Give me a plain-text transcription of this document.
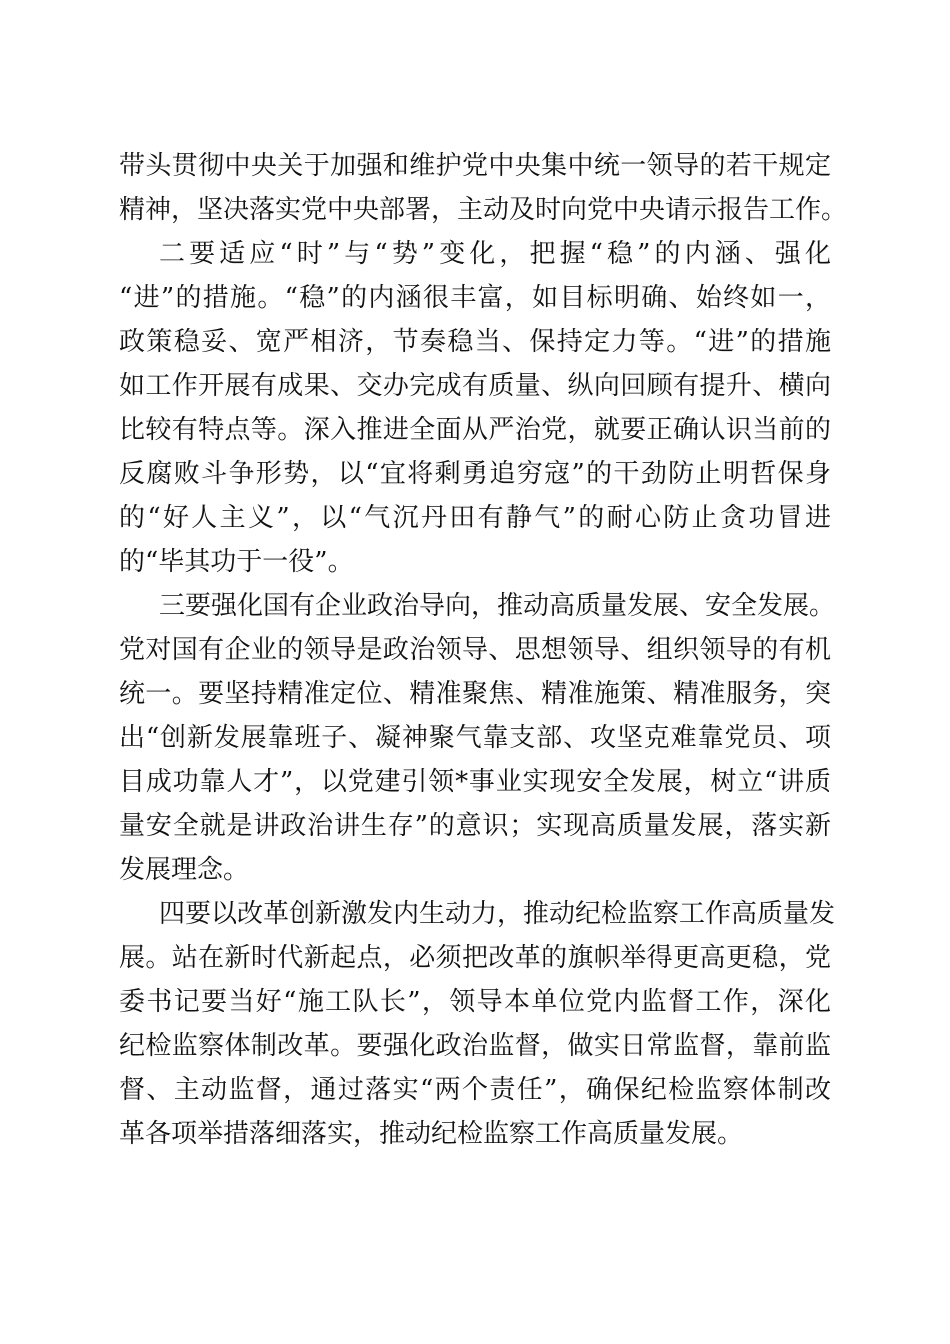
带头贯彻中央关于加强和维护党中央集中统一领导的若干规定
精神，坚决落实党中央部署，主动及时向党中央请示报告工作。
二要适应“时”与“势”变化，把握“稳”的内涵、强化
“进”的措施。“稳”的内涵很丰富，如目标明确、始终如一，
政策稳妥、宽严相济，节奏稳当、保持定力等。“进”的措施
如工作开展有成果、交办完成有质量、纵向回顾有提升、横向
比较有特点等。深入推进全面从严治党，就要正确认识当前的
反腐败斗争形势，以“宜将剩勇追穷寇”的干劲防止明哲保身
的“好人主义”，以“气沉丹田有静气”的耐心防止贪功冒进
的“毕其功于一役”。
三要强化国有企业政治导向，推动高质量发展、安全发展。
党对国有企业的领导是政治领导、思想领导、组织领导的有机
统一。要坚持精准定位、精准聚焦、精准施策、精准服务，突
出“创新发展靠班子、凝神聚气靠支部、攻坚克难靠党员、项
目成功靠人才”，以党建引领*事业实现安全发展，树立“讲质
量安全就是讲政治讲生存”的意识；实现高质量发展，落实新
发展理念。
四要以改革创新激发内生动力，推动纪检监察工作高质量发
展。站在新时代新起点，必须把改革的旗帜举得更高更稳，党
委书记要当好“施工队长”，领导本单位党内监督工作，深化
纪检监察体制改革。要强化政治监督，做实日常监督，靠前监
督、主动监督，通过落实“两个责任”，确保纪检监察体制改
革各项举措落细落实，推动纪检监察工作高质量发展。
